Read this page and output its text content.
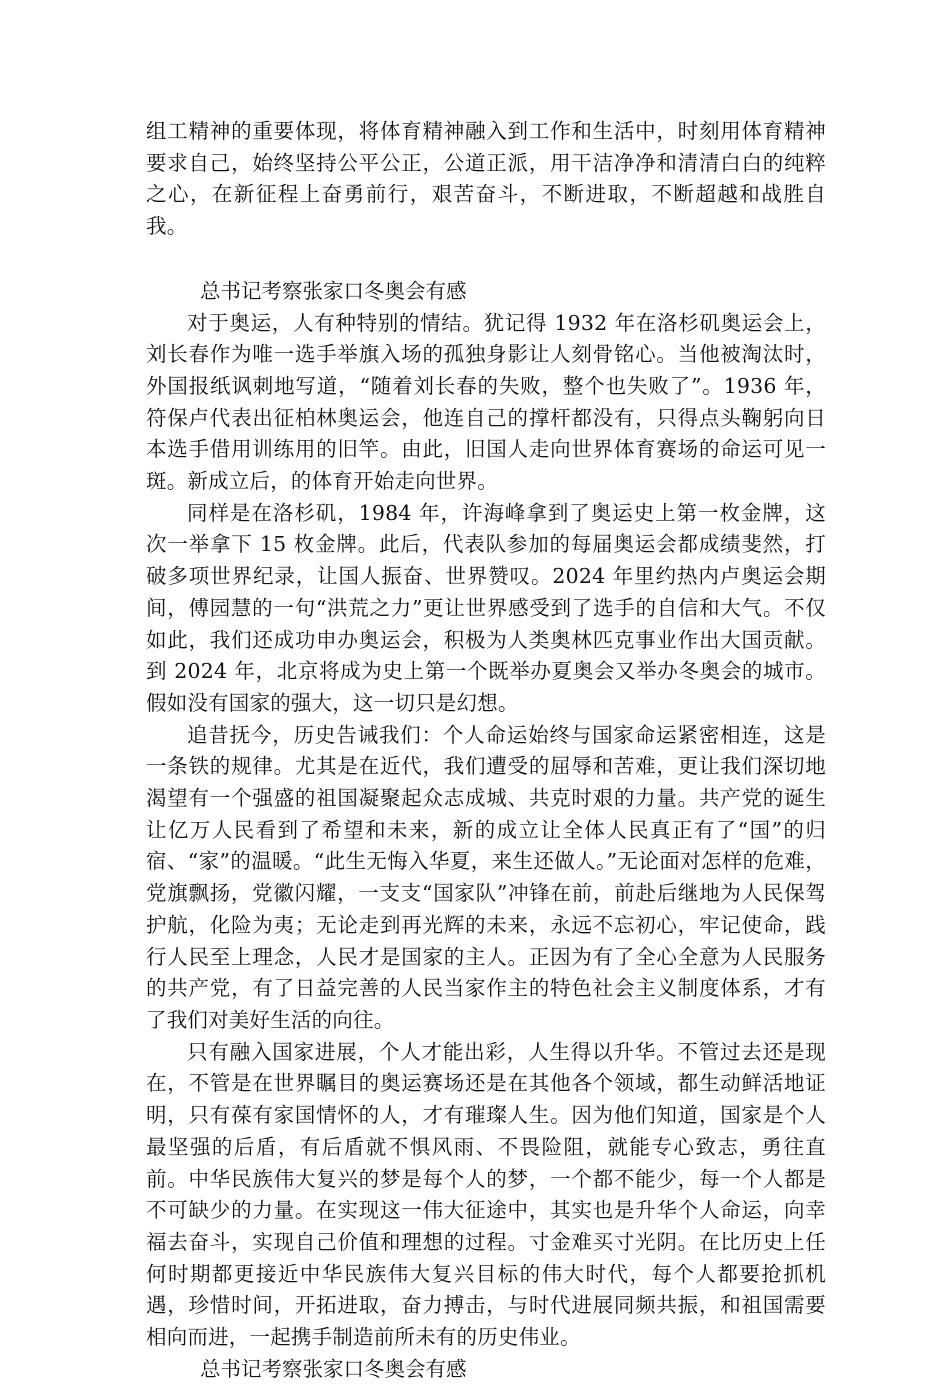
组工精神的重要体现，将体育精神融入到工作和生活中，时刻用体育精神要求自己，始终坚持公平公正，公道正派，用干洁净净和清清白白的纯粹之心，在新征程上奋勇前行，艰苦奋斗，不断进取，不断超越和战胜自我。

总书记考察张家口冬奥会有感

对于奥运，人有种特别的情结。犹记得 1932 年在洛杉矶奥运会上，刘长春作为唯一选手举旗入场的孤独身影让人刻骨铭心。当他被淘汰时，外国报纸讽刺地写道，“随着刘长春的失败，整个也失败了”。1936 年，符保卢代表出征柏林奥运会，他连自己的撑杆都没有，只得点头鞠躬向日本选手借用训练用的旧竿。由此，旧国人走向世界体育赛场的命运可见一斑。新成立后，的体育开始走向世界。

同样是在洛杉矶，1984 年，许海峰拿到了奥运史上第一枚金牌，这次一举拿下 15 枚金牌。此后，代表队参加的每届奥运会都成绩斐然，打破多项世界纪录，让国人振奋、世界赞叹。2024 年里约热内卢奥运会期间，傅园慧的一句“洪荒之力”更让世界感受到了选手的自信和大气。不仅如此，我们还成功申办奥运会，积极为人类奥林匹克事业作出大国贡献。到 2024 年，北京将成为史上第一个既举办夏奥会又举办冬奥会的城市。假如没有国家的强大，这一切只是幻想。

追昔抚今，历史告诫我们：个人命运始终与国家命运紧密相连，这是一条铁的规律。尤其是在近代，我们遭受的屈辱和苦难，更让我们深切地渴望有一个强盛的祖国凝聚起众志成城、共克时艰的力量。共产党的诞生让亿万人民看到了希望和未来，新的成立让全体人民真正有了“国”的归宿、“家”的温暖。“此生无悔入华夏，来生还做人。”无论面对怎样的危难，党旗飘扬，党徽闪耀，一支支“国家队”冲锋在前，前赴后继地为人民保驾护航，化险为夷；无论走到再光辉的未来，永远不忘初心，牢记使命，践行人民至上理念，人民才是国家的主人。正因为有了全心全意为人民服务的共产党，有了日益完善的人民当家作主的特色社会主义制度体系，才有了我们对美好生活的向往。

只有融入国家进展，个人才能出彩，人生得以升华。不管过去还是现在，不管是在世界瞩目的奥运赛场还是在其他各个领域，都生动鲜活地证明，只有葆有家国情怀的人，才有璀璨人生。因为他们知道，国家是个人最坚强的后盾，有后盾就不惧风雨、不畏险阻，就能专心致志，勇往直前。中华民族伟大复兴的梦是每个人的梦，一个都不能少，每一个人都是不可缺少的力量。在实现这一伟大征途中，其实也是升华个人命运，向幸福去奋斗，实现自己价值和理想的过程。寸金难买寸光阴。在比历史上任何时期都更接近中华民族伟大复兴目标的伟大时代，每个人都要抢抓机遇，珍惜时间，开拓进取，奋力搏击，与时代进展同频共振，和祖国需要相向而进，一起携手制造前所未有的历史伟业。

总书记考察张家口冬奥会有感
